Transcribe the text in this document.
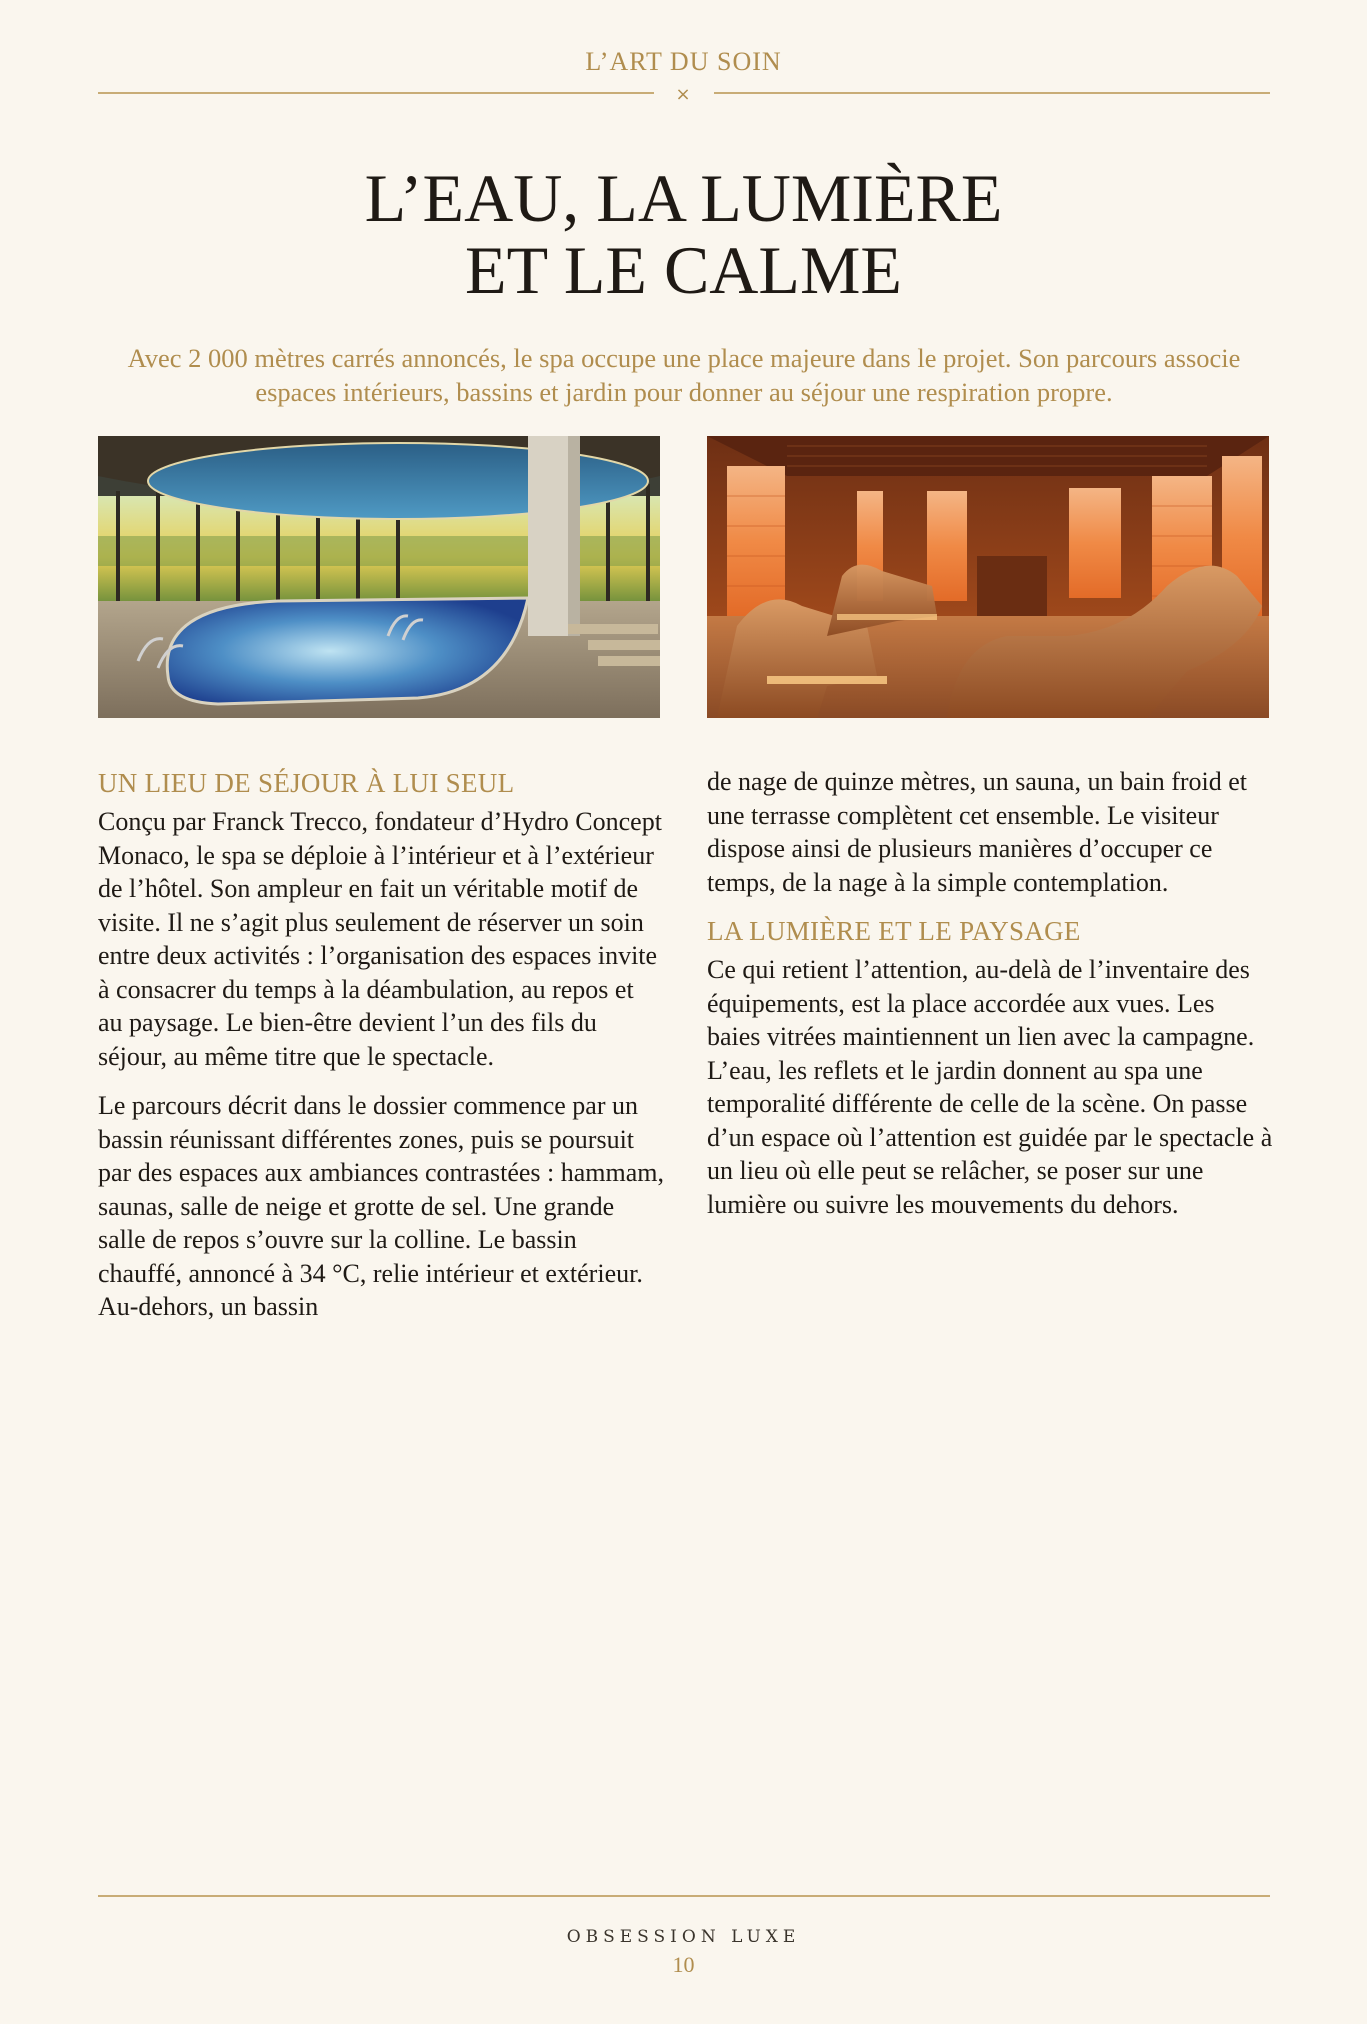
L’ART DU SOIN
×
L’EAU, LA LUMIÈRE
ET LE CALME

Avec 2 000 mètres carrés annoncés, le spa occupe une place majeure dans le projet. Son parcours associe espaces intérieurs, bassins et jardin pour donner au séjour une respiration propre.

UN LIEU DE SÉJOUR À LUI SEUL

Conçu par Franck Trecco, fondateur d’Hydro Concept Monaco, le spa se déploie à l’intérieur et à l’extérieur de l’hôtel. Son ampleur en fait un véritable motif de visite. Il ne s’agit plus seulement de réserver un soin entre deux activités : l’organisation des espaces invite à consacrer du temps à la déambulation, au repos et au paysage. Le bien-être devient l’un des fils du séjour, au même titre que le spectacle.

Le parcours décrit dans le dossier commence par un bassin réunissant différentes zones, puis se poursuit par des espaces aux ambiances contrastées : hammam, saunas, salle de neige et grotte de sel. Une grande salle de repos s’ouvre sur la colline. Le bassin chauffé, annoncé à 34 °C, relie intérieur et extérieur. Au-dehors, un bassin

de nage de quinze mètres, un sauna, un bain froid et une terrasse complètent cet ensemble. Le visiteur dispose ainsi de plusieurs manières d’occuper ce temps, de la nage à la simple contemplation.

LA LUMIÈRE ET LE PAYSAGE

Ce qui retient l’attention, au-delà de l’inventaire des équipements, est la place accordée aux vues. Les baies vitrées maintiennent un lien avec la campagne. L’eau, les reflets et le jardin donnent au spa une temporalité différente de celle de la scène. On passe d’un espace où l’attention est guidée par le spectacle à un lieu où elle peut se relâcher, se poser sur une lumière ou suivre les mouvements du dehors.

OBSESSION LUXE
10
